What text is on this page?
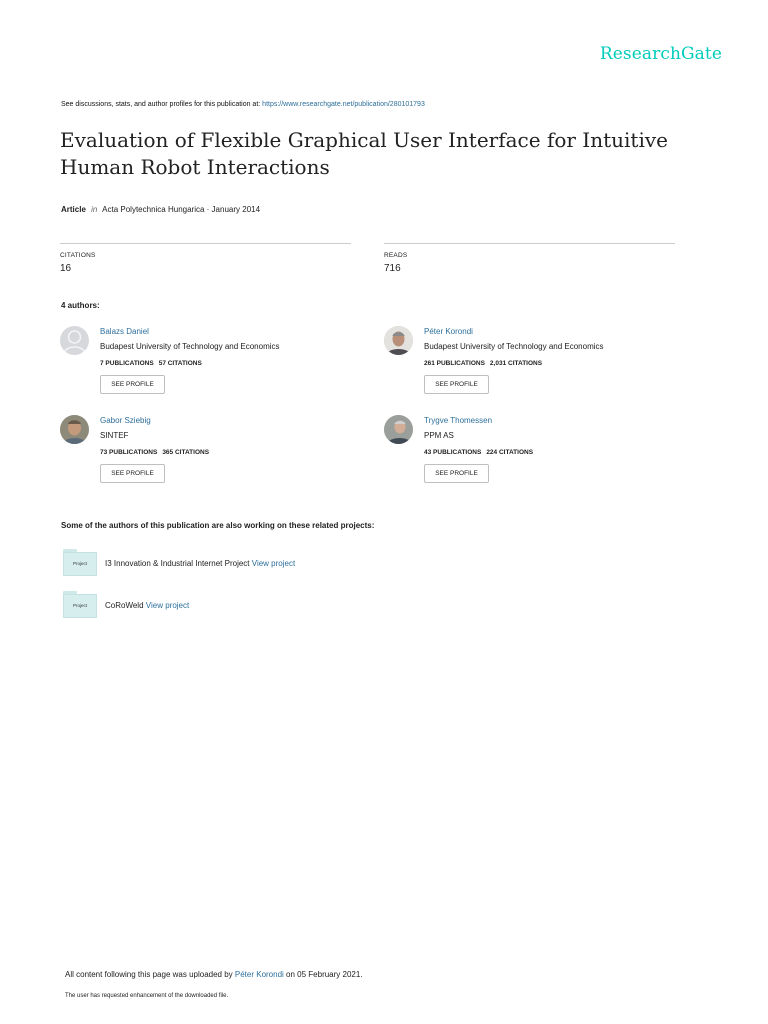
ResearchGate
See discussions, stats, and author profiles for this publication at: https://www.researchgate.net/publication/280101793
Evaluation of Flexible Graphical User Interface for Intuitive Human Robot Interactions
Article in Acta Polytechnica Hungarica · January 2014
CITATIONS
16
READS
716
4 authors:
Balazs Daniel
Budapest University of Technology and Economics
7 PUBLICATIONS 57 CITATIONS
SEE PROFILE
Péter Korondi
Budapest University of Technology and Economics
261 PUBLICATIONS 2,031 CITATIONS
SEE PROFILE
Gabor Sziebig
SINTEF
73 PUBLICATIONS 365 CITATIONS
SEE PROFILE
Trygve Thomessen
PPM AS
43 PUBLICATIONS 224 CITATIONS
SEE PROFILE
Some of the authors of this publication are also working on these related projects:
Project	I3 Innovation & Industrial Internet Project View project
Project	CoRoWeld View project
All content following this page was uploaded by Péter Korondi on 05 February 2021.
The user has requested enhancement of the downloaded file.
